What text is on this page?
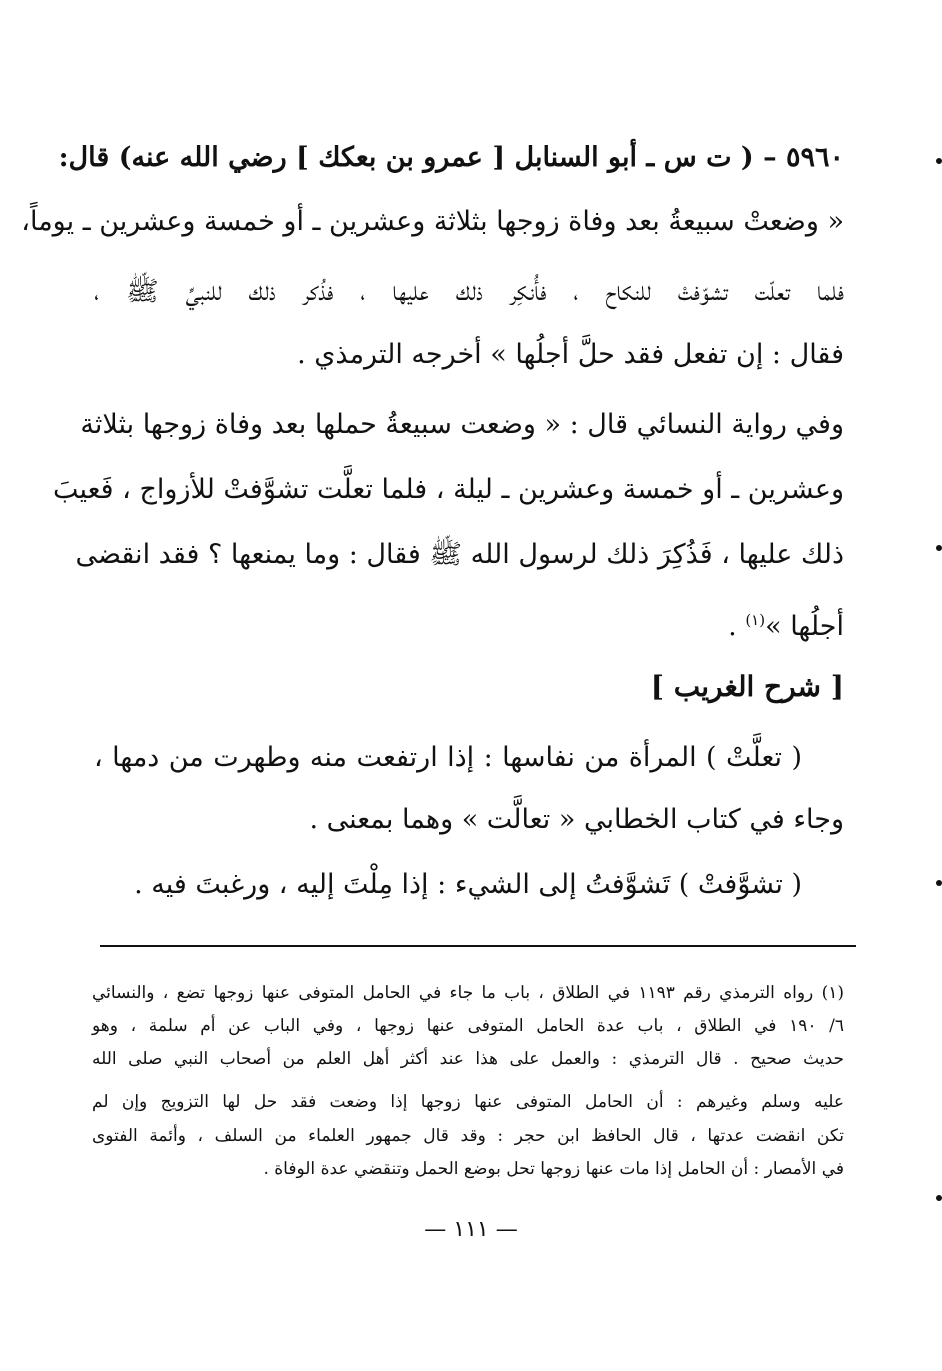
٥٩٦٠ – ( ت س ـ أبو السنابل [ عمرو بن بعكك ] رضي الله عنه) قال:
« وضعتْ سبيعةُ بعد وفاة زوجها بثلاثة وعشرين ـ أو خمسة وعشرين ـ يوماً،
فلما تعلّت تشوّفتْ للنكاح ، فأُنكِر ذلك عليها ، فذُكر ذلك للنبيِّ ﷺ ،
فقال : إن تفعل فقد حلَّ أجلُها » أخرجه الترمذي .
وفي رواية النسائي قال : « وضعت سبيعةُ حملها بعد وفاة زوجها بثلاثة
وعشرين ـ أو خمسة وعشرين ـ ليلة ، فلما تعلَّت تشوَّفتْ للأزواج ، فَعيبَ
ذلك عليها ، فَذُكِرَ ذلك لرسول الله ﷺ فقال : وما يمنعها ؟ فقد انقضى
أجلُها »$^{(١)}$ .
[ شرح الغريب ]
( تعلَّتْ ) المرأة من نفاسها : إذا ارتفعت منه وطهرت من دمها ،
وجاء في كتاب الخطابي « تعالَّت » وهما بمعنى .
( تشوَّفتْ ) تَشوَّفتُ إلى الشيء : إذا مِلْتَ إليه ، ورغبتَ فيه .
(١) رواه الترمذي رقم ١١٩٣ في الطلاق ، باب ما جاء في الحامل المتوفى عنها زوجها تضع ، والنسائي
٦/ ١٩٠ في الطلاق ، باب عدة الحامل المتوفى عنها زوجها ، وفي الباب عن أم سلمة ، وهو
حديث صحيح . قال الترمذي : والعمل على هذا عند أكثر أهل العلم من أصحاب النبي صلى الله
عليه وسلم وغيرهم : أن الحامل المتوفى عنها زوجها إذا وضعت فقد حل لها التزويج وإن لم
تكن انقضت عدتها ، قال الحافظ ابن حجر : وقد قال جمهور العلماء من السلف ، وأئمة الفتوى
في الأمصار : أن الحامل إذا مات عنها زوجها تحل بوضع الحمل وتنقضي عدة الوفاة .
— ١١١ —
